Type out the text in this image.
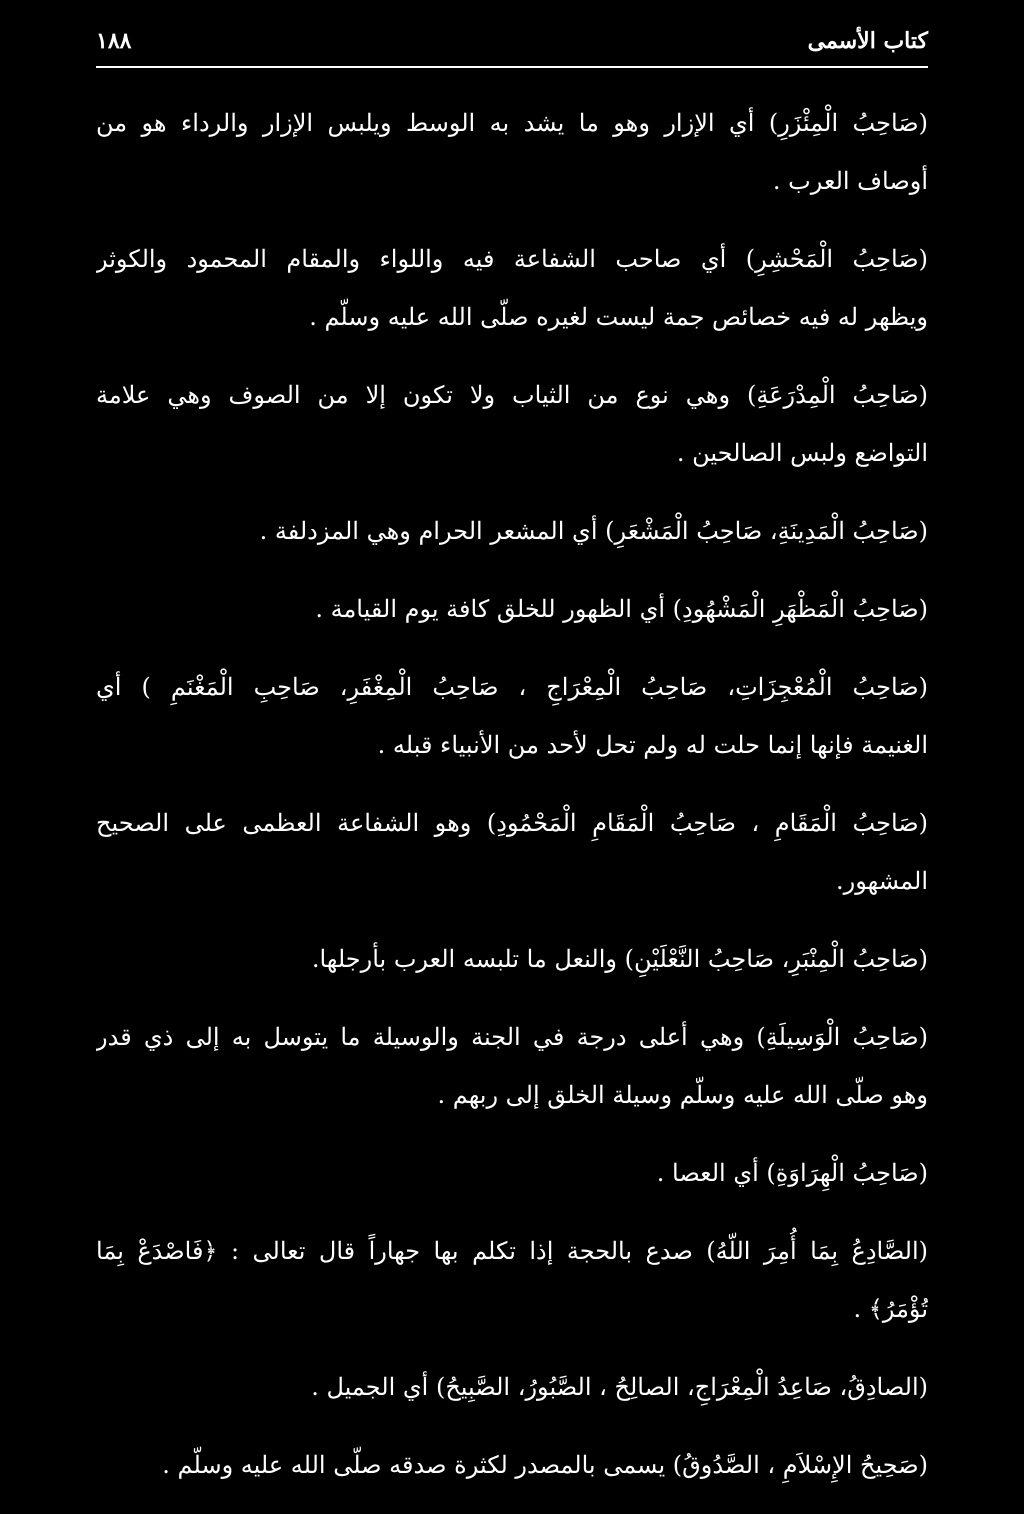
كتاب الأسمى
١٨٨
(صَاحِبُ الْمِئْزَرِ) أي الإزار وهو ما يشد به الوسط ويلبس الإزار والرداء هو من
أوصاف العرب .
(صَاحِبُ الْمَحْشِرِ) أي صاحب الشفاعة فيه واللواء والمقام المحمود والكوثر
ويظهر له فيه خصائص جمة ليست لغيره صلّى الله عليه وسلّم .
(صَاحِبُ الْمِدْرَعَةِ) وهي نوع من الثياب ولا تكون إلا من الصوف وهي علامة
التواضع ولبس الصالحين .
(صَاحِبُ الْمَدِينَةِ، صَاحِبُ الْمَشْعَرِ) أي المشعر الحرام وهي المزدلفة .
(صَاحِبُ الْمَظْهَرِ الْمَشْهُودِ) أي الظهور للخلق كافة يوم القيامة .
(صَاحِبُ الْمُعْجِزَاتِ، صَاحِبُ الْمِعْرَاجِ ، صَاحِبُ الْمِغْفَرِ، صَاحِبِ الْمَغْنَمِ ) أي
الغنيمة فإنها إنما حلت له ولم تحل لأحد من الأنبياء قبله .
(صَاحِبُ الْمَقَامِ ، صَاحِبُ الْمَقَامِ الْمَحْمُودِ) وهو الشفاعة العظمى على الصحيح
المشهور.
(صَاحِبُ الْمِنْبَرِ، صَاحِبُ النَّعْلَيْنِ) والنعل ما تلبسه العرب بأرجلها.
(صَاحِبُ الْوَسِيلَةِ) وهي أعلى درجة في الجنة والوسيلة ما يتوسل به إلى ذي قدر
وهو صلّى الله عليه وسلّم وسيلة الخلق إلى ربهم .
(صَاحِبُ الْهِرَاوَةِ) أي العصا .
(الصَّادِعُ بِمَا أُمِرَ اللّهُ) صدع بالحجة إذا تكلم بها جهاراً قال تعالى : ﴿فَاصْدَعْ بِمَا
تُؤْمَرُ﴾ .
(الصادِقُ، صَاعِدُ الْمِعْرَاجِ، الصالِحُ ، الصَّبُورُ، الصَّبِيحُ) أي الجميل .
(صَحِيحُ الإِسْلاَمِ ، الصَّدُوقُ) يسمى بالمصدر لكثرة صدقه صلّى الله عليه وسلّم .
